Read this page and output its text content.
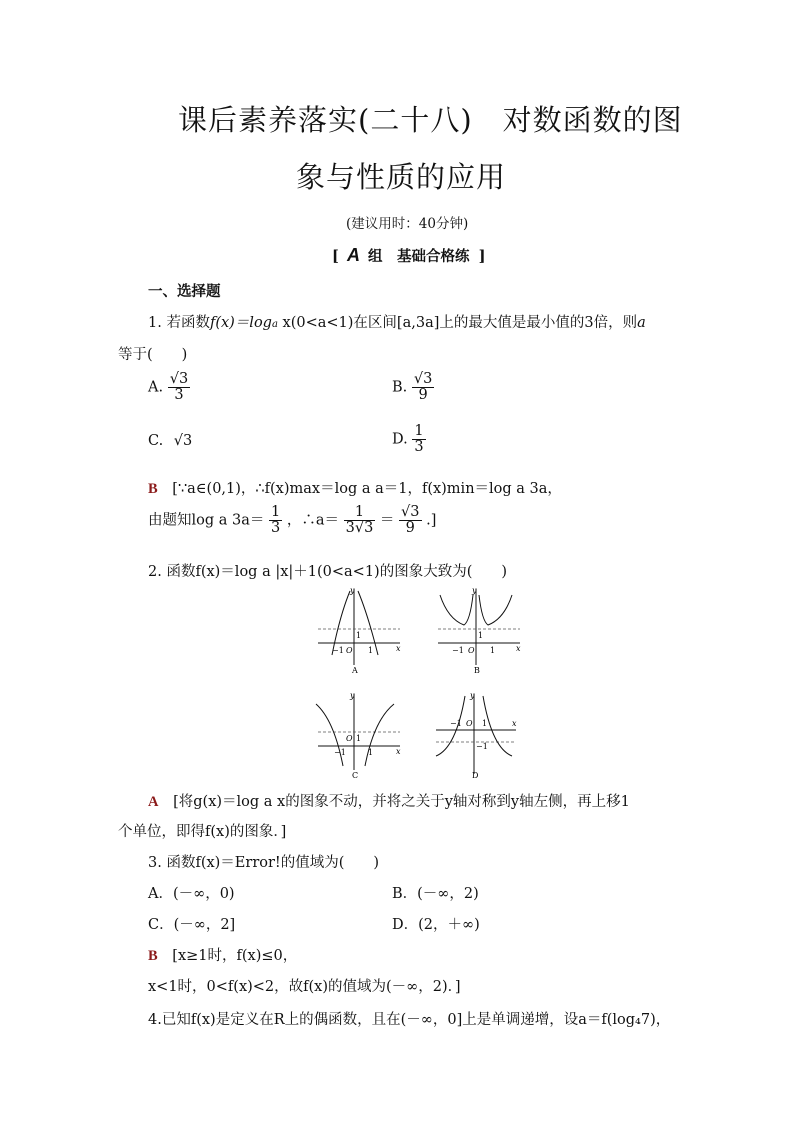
课后素养落实(二十八)　对数函数的图
象与性质的应用
(建议用时：40分钟)
[ A 组　基础合格练 ]
一、选择题
1. 若函数f(x)＝loga x(0<a<1)在区间[a,3a]上的最大值是最小值的3倍，则a
等于(　　)
A. $\frac{√3}{3}$	B. $\frac{√3}{9}$
C. √3	D. $\frac{1}{3}$
B [∵a∈(0,1)，∴f(x)max＝log a a＝1，f(x)min＝log a 3a，
由题知log a $3a= \frac{1}{3}$ ，∴a＝ $\frac{1}{3√3} = \frac{√3}{9}$ .]
2. 函数f(x)＝log a |x|＋1(0<a<1)的图象大致为(　　)
y
x
1
−1 O 1
A
y
x
1
−1 O 1
B
y
x
1
O
−1	1
C
y
x
−1 O 1
−1
D
A [将g(x)＝log a x的图象不动，并将之关于y轴对称到y轴左侧，再上移1
个单位，即得f(x)的图象．]
3. 函数f(x)＝Error!的值域为(　　)
A．(－∞，0)	B．(－∞，2)
C．(－∞，2]	D．(2，＋∞)
B [x≥1时，f(x)≤0，
x<1时，0<f(x)<2，故f(x)的值域为(－∞，2)．]
4.已知f(x)是定义在R上的偶函数，且在(－∞，0]上是单调递增，设a＝f(log₄7)，
